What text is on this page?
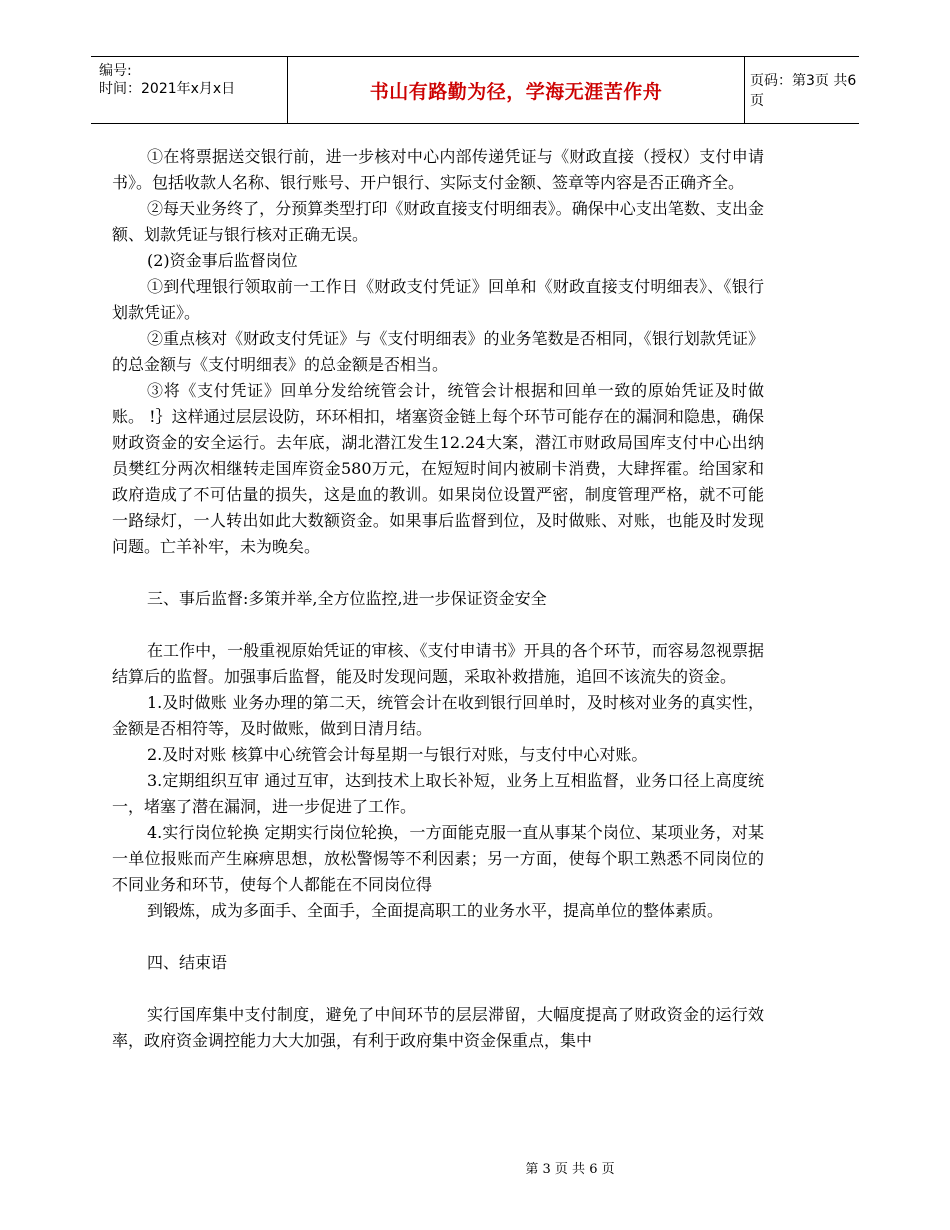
编号:
时间：2021年x月x日	书山有路勤为径，学海无涯苦作舟	页码：第3页 共6页

①在将票据送交银行前，进一步核对中心内部传递凭证与《财政直接（授权）支付申请书》。包括收款人名称、银行账号、开户银行、实际支付金额、签章等内容是否正确齐全。

②每天业务终了，分预算类型打印《财政直接支付明细表》。确保中心支出笔数、支出金额、划款凭证与银行核对正确无误。

(2)资金事后监督岗位

①到代理银行领取前一工作日《财政支付凭证》回单和《财政直接支付明细表》、《银行划款凭证》。

②重点核对《财政支付凭证》与《支付明细表》的业务笔数是否相同，《银行划款凭证》的总金额与《支付明细表》的总金额是否相当。

③将《支付凭证》回单分发给统管会计，统管会计根据和回单一致的原始凭证及时做账。 !｝这样通过层层设防，环环相扣，堵塞资金链上每个环节可能存在的漏洞和隐患，确保财政资金的安全运行。去年底，湖北潜江发生12.24大案，潜江市财政局国库支付中心出纳员樊红分两次相继转走国库资金580万元，在短短时间内被刷卡消费，大肆挥霍。给国家和政府造成了不可估量的损失，这是血的教训。如果岗位设置严密，制度管理严格，就不可能一路绿灯，一人转出如此大数额资金。如果事后监督到位，及时做账、对账，也能及时发现问题。亡羊补牢，未为晚矣。

三、事后监督:多策并举,全方位监控,进一步保证资金安全

在工作中，一般重视原始凭证的审核、《支付申请书》开具的各个环节，而容易忽视票据结算后的监督。加强事后监督，能及时发现问题，采取补救措施，追回不该流失的资金。

1.及时做账 业务办理的第二天，统管会计在收到银行回单时，及时核对业务的真实性，金额是否相符等，及时做账，做到日清月结。

2.及时对账 核算中心统管会计每星期一与银行对账，与支付中心对账。

3.定期组织互审 通过互审，达到技术上取长补短，业务上互相监督，业务口径上高度统一，堵塞了潜在漏洞，进一步促进了工作。

4.实行岗位轮换 定期实行岗位轮换，一方面能克服一直从事某个岗位、某项业务，对某一单位报账而产生麻痹思想，放松警惕等不利因素；另一方面，使每个职工熟悉不同岗位的不同业务和环节，使每个人都能在不同岗位得

到锻炼，成为多面手、全面手，全面提高职工的业务水平，提高单位的整体素质。

四、结束语

实行国库集中支付制度，避免了中间环节的层层滞留，大幅度提高了财政资金的运行效率，政府资金调控能力大大加强，有利于政府集中资金保重点，集中

第 3 页 共 6 页
